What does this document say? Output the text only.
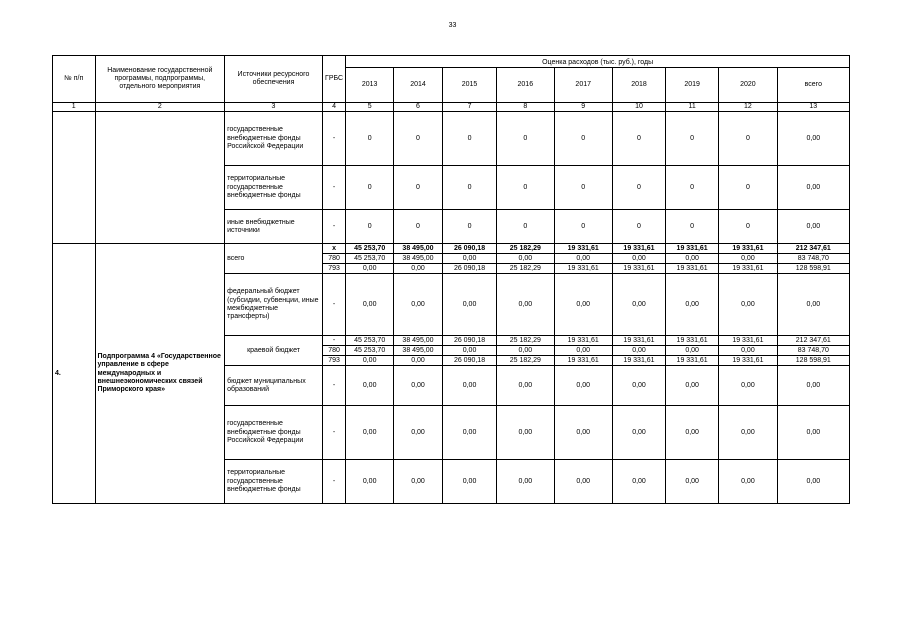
33
№ п/п	Наименование государственной программы, подпрограммы, отдельного мероприятия	Источники ресурсного обеспечения	ГРБС	Оценка расходов (тыс. руб.), годы								
				2013	2014	2015	2016	2017	2018	2019	2020	всего
1	2	3	4	5	6	7	8	9	10	11	12	13
		государственные внебюджетные фонды Российской Федерации	-	0	0	0	0	0	0	0	0	0,00
		территориальные государственные внебюджетные фонды	-	0	0	0	0	0	0	0	0	0,00
		иные внебюджетные источники	-	0	0	0	0	0	0	0	0	0,00
4.	Подпрограмма 4 «Государственное управление в сфере международных и внешнеэкономических связей Приморского края»	всего	x	45 253,70	38 495,00	26 090,18	25 182,29	19 331,61	19 331,61	19 331,61	19 331,61	212 347,61
			780	45 253,70	38 495,00	0,00	0,00	0,00	0,00	0,00	0,00	83 748,70
			793	0,00	0,00	26 090,18	25 182,29	19 331,61	19 331,61	19 331,61	19 331,61	128 598,91
		федеральный бюджет (субсидии, субвенции, иные межбюджетные трансферты)	-	0,00	0,00	0,00	0,00	0,00	0,00	0,00	0,00	0,00
		краевой бюджет	-	45 253,70	38 495,00	26 090,18	25 182,29	19 331,61	19 331,61	19 331,61	19 331,61	212 347,61
			780	45 253,70	38 495,00	0,00	0,00	0,00	0,00	0,00	0,00	83 748,70
			793	0,00	0,00	26 090,18	25 182,29	19 331,61	19 331,61	19 331,61	19 331,61	128 598,91
		бюджет муниципальных образований	-	0,00	0,00	0,00	0,00	0,00	0,00	0,00	0,00	0,00
		государственные внебюджетные фонды Российской Федерации	-	0,00	0,00	0,00	0,00	0,00	0,00	0,00	0,00	0,00
		территориальные государственные внебюджетные фонды	-	0,00	0,00	0,00	0,00	0,00	0,00	0,00	0,00	0,00
